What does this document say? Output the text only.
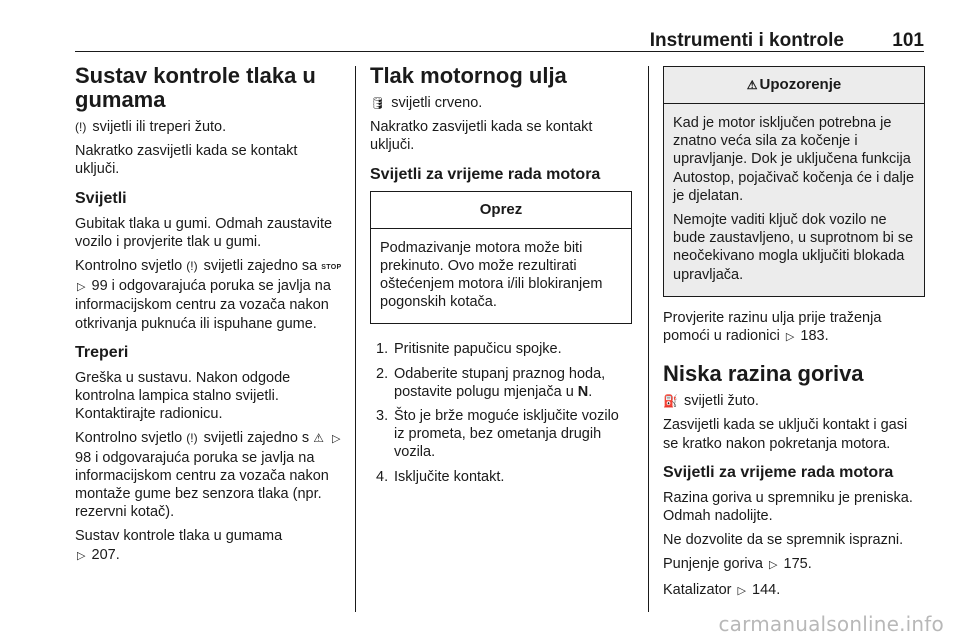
Instrumenti i kontrole	101
Sustav kontrole tlaka u gumama

(!) svijetli ili treperi žuto.

Nakratko zasvijetli kada se kontakt uključi.

Svijetli

Gubitak tlaka u gumi. Odmah zaustavite vozilo i provjerite tlak u gumi.

Kontrolno svjetlo (!) svijetli zajedno sa STOP ▷ 99 i odgovarajuća poruka se javlja na informacijskom centru za vozača nakon otkrivanja puknuća ili ispuhane gume.

Treperi

Greška u sustavu. Nakon odgode kontrolna lampica stalno svijetli. Kontaktirajte radionicu.

Kontrolno svjetlo (!) svijetli zajedno s ⚠ ▷ 98 i odgovarajuća poruka se javlja na informacijskom centru za vozača nakon montaže gume bez senzora tlaka (npr. rezervni kotač).

Sustav kontrole tlaka u gumama
▷ 207.

Tlak motornog ulja

🛢 svijetli crveno.

Nakratko zasvijetli kada se kontakt uključi.

Svijetli za vrijeme rada motora
Oprez

Podmazivanje motora može biti prekinuto. Ovo može rezultirati oštećenjem motora i/ili blokiranjem pogonskih kotača.

1. Pritisnite papučicu spojke.
2. Odaberite stupanj praznog hoda, postavite polugu mjenjača u N.
3. Što je brže moguće isključite vozilo iz prometa, bez ometanja drugih vozila.
4. Isključite kontakt.
⚠ Upozorenje

Kad je motor isključen potrebna je znatno veća sila za kočenje i upravljanje. Dok je uključena funkcija Autostop, pojačivač kočenja će i dalje je djelatan.

Nemojte vaditi ključ dok vozilo ne bude zaustavljeno, u suprotnom bi se neočekivano mogla uključiti blokada upravljača.

Provjerite razinu ulja prije traženja pomoći u radionici ▷ 183.

Niska razina goriva

⛽ svijetli žuto.

Zasvijetli kada se uključi kontakt i gasi se kratko nakon pokretanja motora.

Svijetli za vrijeme rada motora

Razina goriva u spremniku je preniska. Odmah nadolijte.

Ne dozvolite da se spremnik isprazni.

Punjenje goriva ▷ 175.

Katalizator ▷ 144.

carmanualsonline.info
